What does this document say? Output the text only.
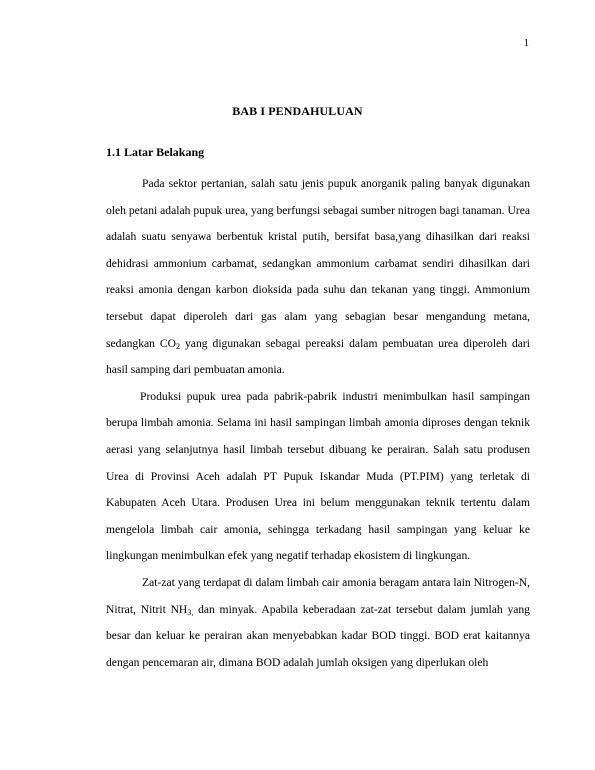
1
BAB I PENDAHULUAN
1.1 Latar Belakang

Pada sektor pertanian, salah satu jenis pupuk anorganik paling banyak digunakan oleh petani adalah pupuk urea, yang berfungsi sebagai sumber nitrogen bagi tanaman. Urea adalah suatu senyawa berbentuk kristal putih, bersifat basa,yang dihasilkan dari reaksi dehidrasi ammonium carbamat, sedangkan ammonium carbamat sendiri dihasilkan dari reaksi amonia dengan karbon dioksida pada suhu dan tekanan yang tinggi. Ammonium tersebut dapat diperoleh dari gas alam yang sebagian besar mengandung metana, sedangkan $CO_2$ yang digunakan sebagai pereaksi dalam pembuatan urea diperoleh dari hasil samping dari pembuatan amonia.

Produksi pupuk urea pada pabrik-pabrik industri menimbulkan hasil sampingan berupa limbah amonia. Selama ini hasil sampingan limbah amonia diproses dengan teknik aerasi yang selanjutnya hasil limbah tersebut dibuang ke perairan. Salah satu produsen Urea di Provinsi Aceh adalah PT Pupuk Iskandar Muda (PT.PIM) yang terletak di Kabupaten Aceh Utara. Produsen Urea ini belum menggunakan teknik tertentu dalam mengelola limbah cair amonia, sehingga terkadang hasil sampingan yang keluar ke lingkungan menimbulkan efek yang negatif terhadap ekosistem di lingkungan.

Zat-zat yang terdapat di dalam limbah cair amonia beragam antara lain Nitrogen-N, Nitrat, Nitrit $NH_{3,}$ dan minyak. Apabila keberadaan zat-zat tersebut dalam jumlah yang besar dan keluar ke perairan akan menyebabkan kadar BOD tinggi. BOD erat kaitannya dengan pencemaran air, dimana BOD adalah jumlah oksigen yang diperlukan oleh
